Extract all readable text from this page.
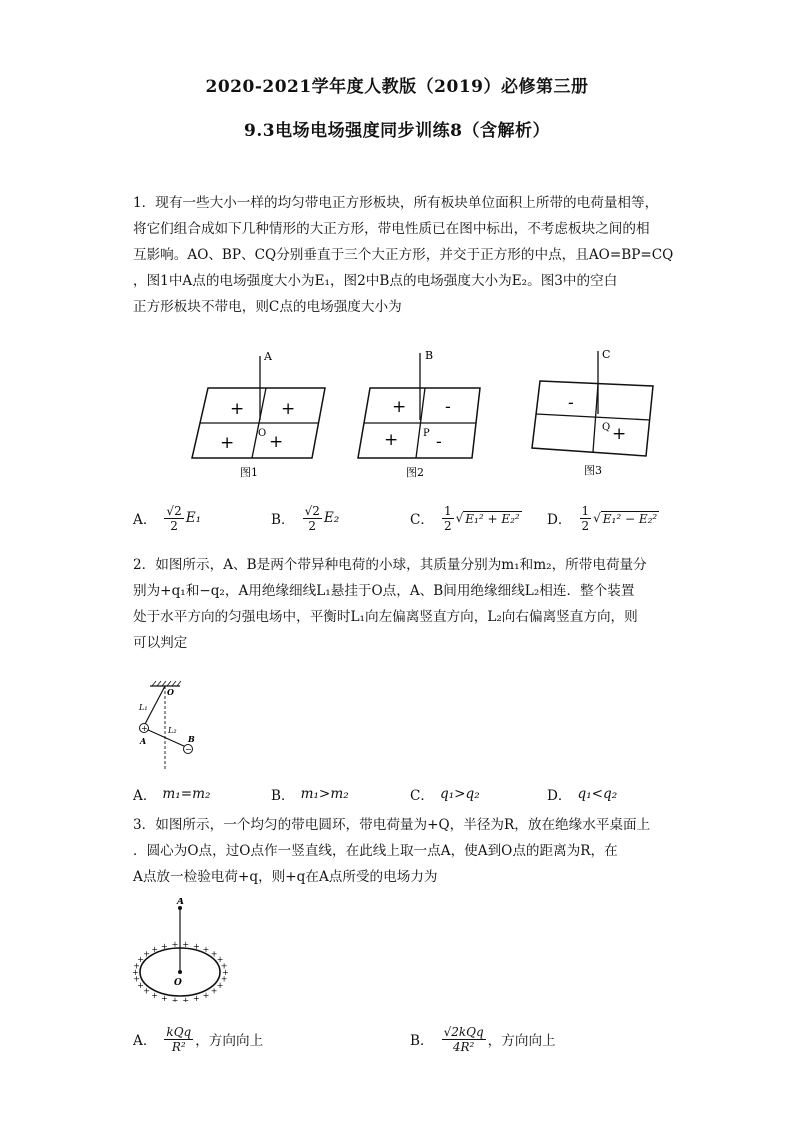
2020-2021学年度人教版（2019）必修第三册
9.3电场电场强度同步训练8（含解析）
1．现有一些大小一样的均匀带电正方形板块，所有板块单位面积上所带的电荷量相等，
将它们组合成如下几种情形的大正方形，带电性质已在图中标出，不考虑板块之间的相
互影响。AO、BP、CQ分别垂直于三个大正方形，并交于正方形的中点，且AO=BP=CQ
，图1中A点的电场强度大小为E₁，图2中B点的电场强度大小为E₂。图3中的空白
正方形板块不带电，则C点的电场强度大小为
A
+ +
+ O +
图1
B
+ -
+ P -
图2
C
-
Q +
图3
A． $\frac{√2}{2} E_1$	B． $\frac{√2}{2} E_2$	C． $\frac{1}{2}$ √ E₁² + E₂² D． $\frac{1}{2}$ √ E₁² − E₂²
2．如图所示，A、B是两个带异种电荷的小球，其质量分别为m₁和m₂，所带电荷量分
别为+q₁和−q₂，A用绝缘细线L₁悬挂于O点，A、B间用绝缘细线L₂相连．整个装置
处于水平方向的匀强电场中，平衡时L₁向左偏离竖直方向，L₂向右偏离竖直方向，则
可以判定
+
−
O
L₁
L₂
A	B
A． m₁=m₂	B． m₁>m₂	C． q₁>q₂	D． q₁<q₂
3．如图所示，一个均匀的带电圆环，带电荷量为+Q，半径为R，放在绝缘水平桌面上
．圆心为O点，过O点作一竖直线，在此线上取一点A，使A到O点的距离为R，在
A点放一检验电荷+q，则+q在A点所受的电场力为
A
O
+
+
+
+
+
+
+
+
+
+
+
+
+
+
+
+
+ + + + + + + +
+
+
A． $\frac{\text{kQq}}{\text{R²}}$ ，方向向上	B． $\frac{\text{√2kQq}}{\text{4R²}}$ ，方向向上
